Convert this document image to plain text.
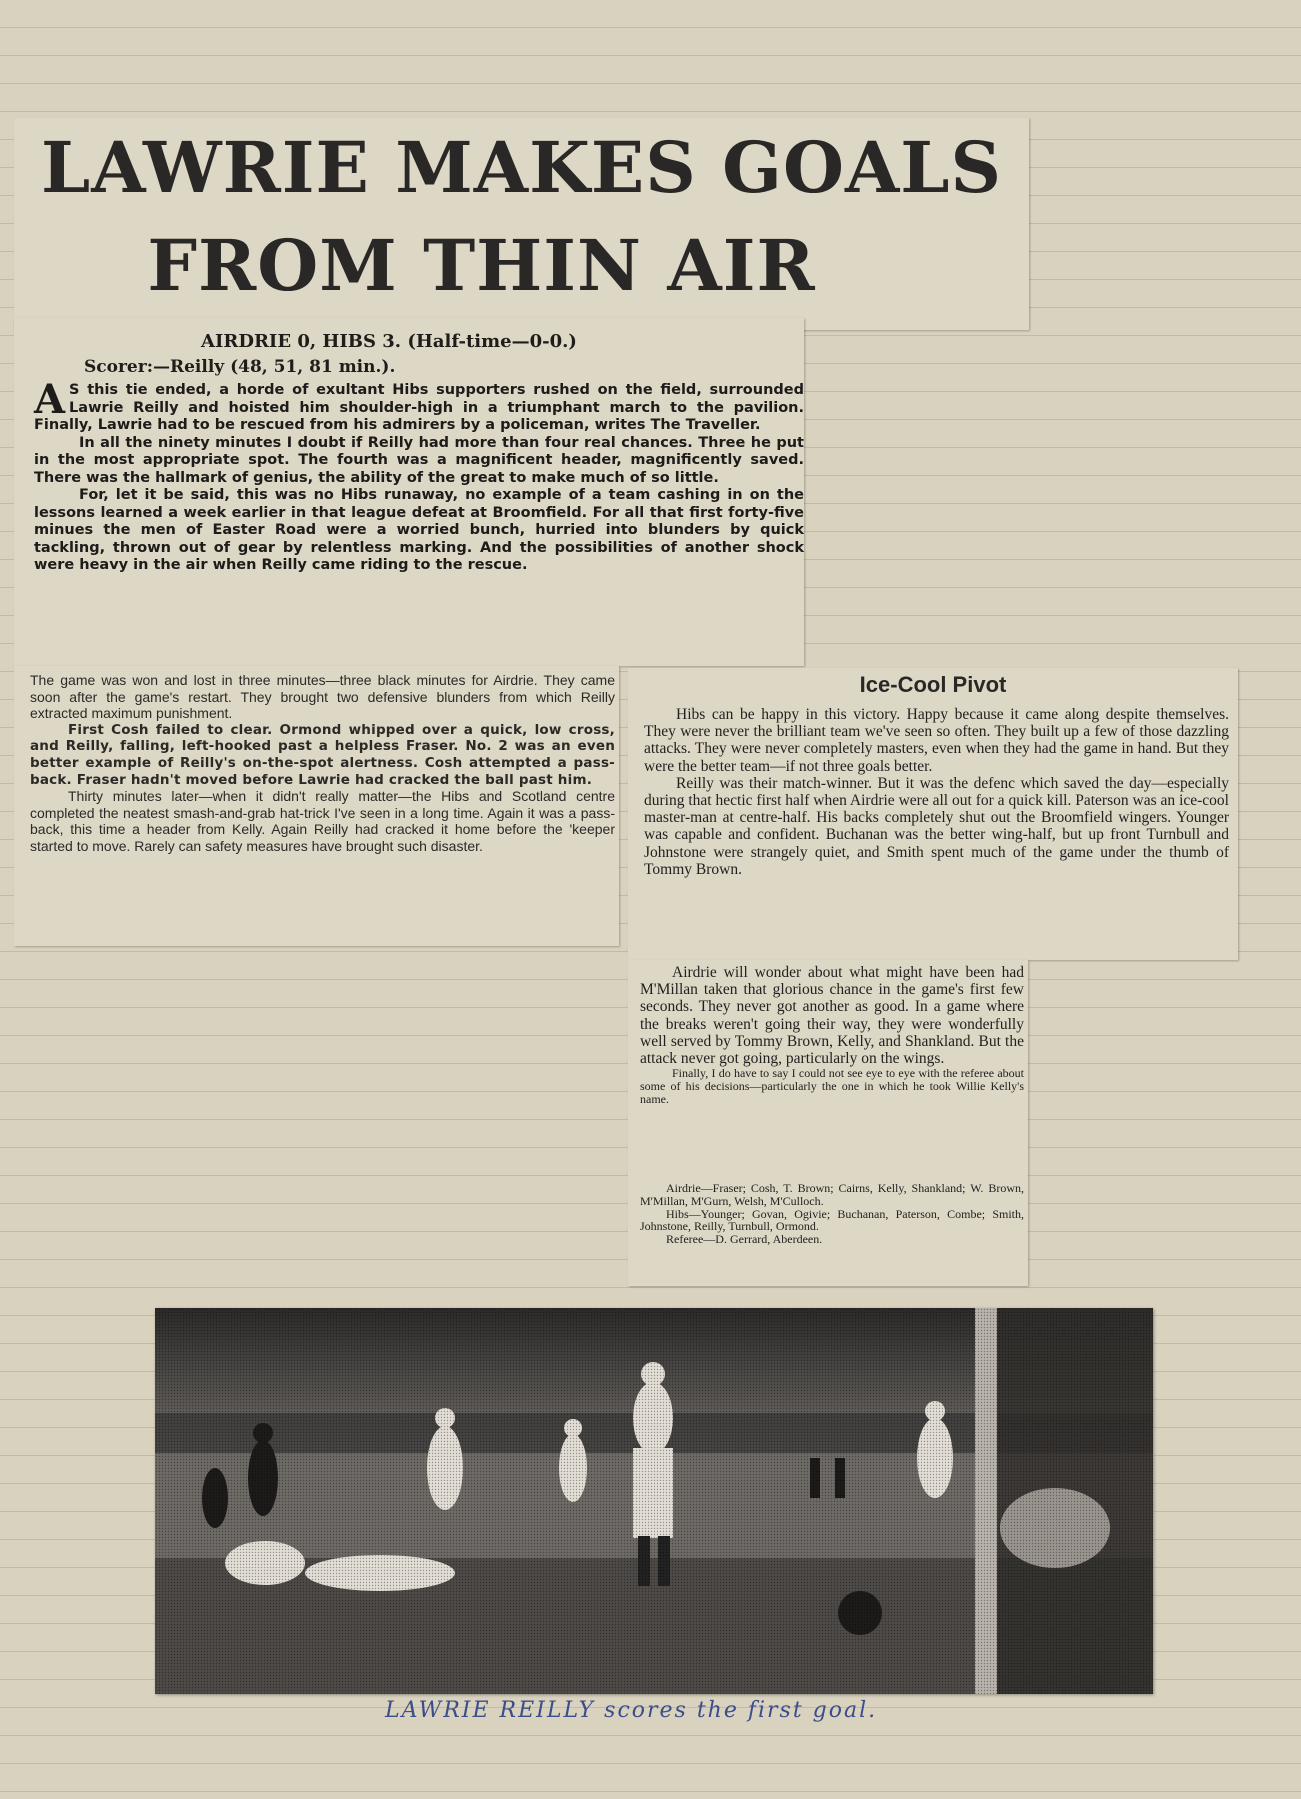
LAWRIE MAKES GOALS
FROM THIN AIR
AIRDRIE 0, HIBS 3. (Half-time—0-0.)
Scorer:—Reilly (48, 51, 81 min.).

A S this tie ended, a horde of exultant Hibs supporters rushed on the field, surrounded Lawrie Reilly and hoisted him shoulder-high in a triumphant march to the pavilion. Finally, Lawrie had to be rescued from his admirers by a policeman, writes The Traveller.

In all the ninety minutes I doubt if Reilly had more than four real chances. Three he put in the most appropriate spot. The fourth was a magnificent header, magnificently saved. There was the hallmark of genius, the ability of the great to make much of so little.

For, let it be said, this was no Hibs runaway, no example of a team cashing in on the lessons learned a week earlier in that league defeat at Broomfield. For all that first forty-five minues the men of Easter Road were a worried bunch, hurried into blunders by quick tackling, thrown out of gear by relentless marking. And the possibilities of another shock were heavy in the air when Reilly came riding to the rescue.

The game was won and lost in three minutes—three black minutes for Airdrie. They came soon after the game's restart. They brought two defensive blunders from which Reilly extracted maximum punishment.

First Cosh failed to clear. Ormond whipped over a quick, low cross, and Reilly, falling, left-hooked past a helpless Fraser. No. 2 was an even better example of Reilly's on-the-spot alertness. Cosh attempted a pass-back. Fraser hadn't moved before Lawrie had cracked the ball past him.

Thirty minutes later—when it didn't really matter—the Hibs and Scotland centre completed the neatest smash-and-grab hat-trick I've seen in a long time. Again it was a pass-back, this time a header from Kelly. Again Reilly had cracked it home before the 'keeper started to move. Rarely can safety measures have brought such disaster.

Ice-Cool Pivot

Hibs can be happy in this victory. Happy because it came along despite themselves. They were never the brilliant team we've seen so often. They built up a few of those dazzling attacks. They were never completely masters, even when they had the game in hand. But they were the better team—if not three goals better.

Reilly was their match-winner. But it was the defenc which saved the day—especially during that hectic first half when Airdrie were all out for a quick kill. Paterson was an ice-cool master-man at centre-half. His backs completely shut out the Broomfield wingers. Younger was capable and confident. Buchanan was the better wing-half, but up front Turnbull and Johnstone were strangely quiet, and Smith spent much of the game under the thumb of Tommy Brown.

Airdrie will wonder about what might have been had M'Millan taken that glorious chance in the game's first few seconds. They never got another as good. In a game where the breaks weren't going their way, they were wonderfully well served by Tommy Brown, Kelly, and Shankland. But the attack never got going, particularly on the wings.

Finally, I do have to say I could not see eye to eye with the referee about some of his decisions—particularly the one in which he took Willie Kelly's name.

Airdrie—Fraser; Cosh, T. Brown; Cairns, Kelly, Shankland; W. Brown, M'Millan, M'Gurn, Welsh, M'Culloch.

Hibs—Younger; Govan, Ogivie; Buchanan, Paterson, Combe; Smith, Johnstone, Reilly, Turnbull, Ormond.

Referee—D. Gerrard, Aberdeen.

LAWRIE REILLY scores the first goal.
